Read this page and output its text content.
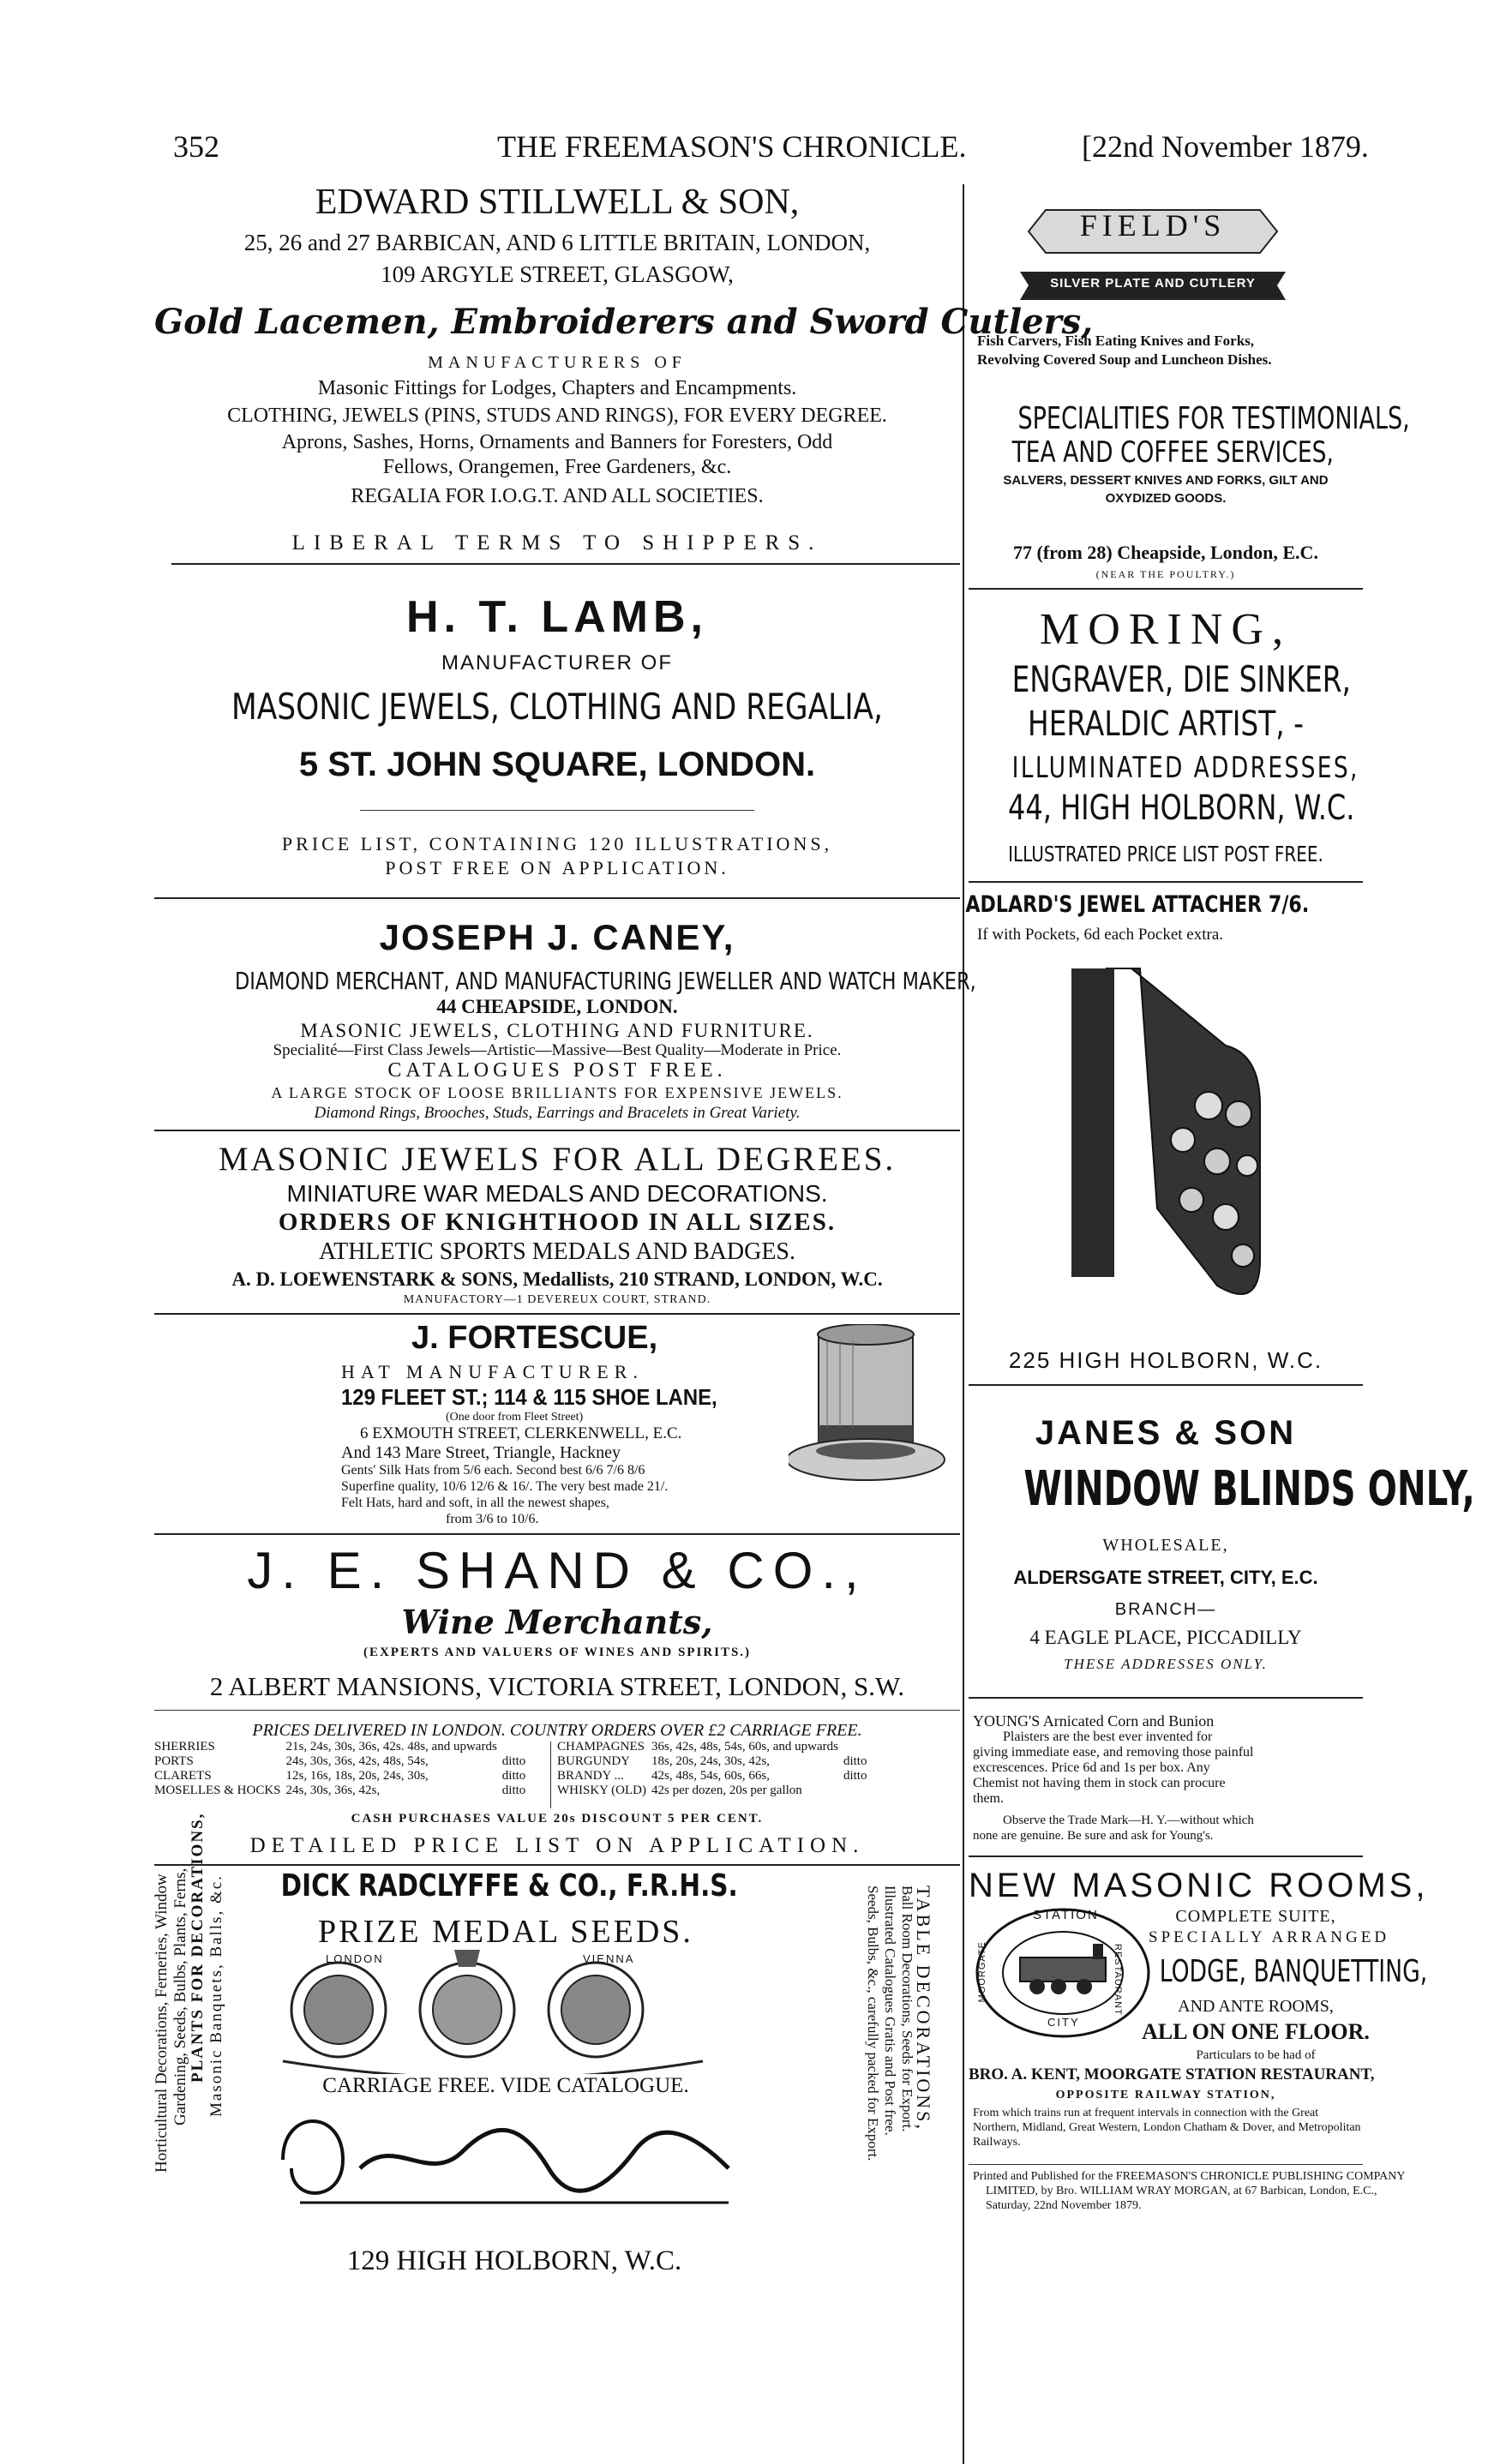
352	THE FREEMASON'S CHRONICLE.	[22nd November 1879.
EDWARD STILLWELL & SON,
25, 26 and 27 BARBICAN, AND 6 LITTLE BRITAIN, LONDON,
109 ARGYLE STREET, GLASGOW,
Gold Lacemen, Embroiderers and Sword Cutlers,
MANUFACTURERS OF
Masonic Fittings for Lodges, Chapters and Encampments.
CLOTHING, JEWELS (PINS, STUDS AND RINGS), FOR EVERY DEGREE.
Aprons, Sashes, Horns, Ornaments and Banners for Foresters, Odd
Fellows, Orangemen, Free Gardeners, &c.
REGALIA FOR I.O.G.T. AND ALL SOCIETIES.
LIBERAL TERMS TO SHIPPERS.
H. T. LAMB,
MANUFACTURER OF
MASONIC JEWELS, CLOTHING AND REGALIA,
5 ST. JOHN SQUARE, LONDON.
PRICE LIST, CONTAINING 120 ILLUSTRATIONS,
POST FREE ON APPLICATION.
JOSEPH J. CANEY,
DIAMOND MERCHANT, AND MANUFACTURING JEWELLER AND WATCH MAKER,
44 CHEAPSIDE, LONDON.
MASONIC JEWELS, CLOTHING AND FURNITURE.
Specialité—First Class Jewels—Artistic—Massive—Best Quality—Moderate in Price.
CATALOGUES POST FREE.
A LARGE STOCK OF LOOSE BRILLIANTS FOR EXPENSIVE JEWELS.
Diamond Rings, Brooches, Studs, Earrings and Bracelets in Great Variety.
MASONIC JEWELS FOR ALL DEGREES.
MINIATURE WAR MEDALS AND DECORATIONS.
ORDERS OF KNIGHTHOOD IN ALL SIZES.
ATHLETIC SPORTS MEDALS AND BADGES.
A. D. LOEWENSTARK & SONS, Medallists, 210 STRAND, LONDON, W.C.
MANUFACTORY—1 DEVEREUX COURT, STRAND.
J. FORTESCUE,
HAT MANUFACTURER.
129 FLEET ST.; 114 & 115 SHOE LANE,
(One door from Fleet Street)
6 EXMOUTH STREET, CLERKENWELL, E.C.
And 143 Mare Street, Triangle, Hackney
Gents' Silk Hats from 5/6 each. Second best 6/6 7/6 8/6
Superfine quality, 10/6 12/6 & 16/. The very best made 21/.
Felt Hats, hard and soft, in all the newest shapes,
from 3/6 to 10/6.
J. E. SHAND & CO.,
Wine Merchants,
(EXPERTS AND VALUERS OF WINES AND SPIRITS.)
2 ALBERT MANSIONS, VICTORIA STREET, LONDON, S.W.
PRICES DELIVERED IN LONDON. COUNTRY ORDERS OVER £2 CARRIAGE FREE.
SHERRIES	21s, 24s, 30s, 36s, 42s. 48s, and upwards	
PORTS	24s, 30s, 36s, 42s, 48s, 54s,	ditto
CLARETS	12s, 16s, 18s, 20s, 24s, 30s,	ditto
MOSELLES & HOCKS	24s, 30s, 36s, 42s,	ditto
CHAMPAGNES	36s, 42s, 48s, 54s, 60s, and upwards	
BURGUNDY	18s, 20s, 24s, 30s, 42s,	ditto
BRANDY ...	42s, 48s, 54s, 60s, 66s,	ditto
WHISKY (OLD)	42s per dozen, 20s per gallon	
CASH PURCHASES VALUE 20s DISCOUNT 5 PER CENT.
DETAILED PRICE LIST ON APPLICATION.
Horticultural Decorations, Ferneries, Window Gardening, Seeds, Bulbs, Plants, Ferns, PLANTS FOR DECORATIONS, Masonic Banquets, Balls, &c. DICK RADCLYFFE & CO., F.R.H.S.
PRIZE MEDAL SEEDS.
LONDON	VIENNA
CARRIAGE FREE. VIDE CATALOGUE.
129 HIGH HOLBORN, W.C.
TABLE DECORATIONS,
Ball Room Decorations, Seeds for Export.
Illustrated Catalogues Gratis and Post free.
Seeds, Bulbs, &c., carefully packed for Export.
FIELD'S
SILVER PLATE AND CUTLERY
Fish Carvers, Fish Eating Knives and Forks,
Revolving Covered Soup and Luncheon Dishes.
SPECIALITIES FOR TESTIMONIALS,
TEA AND COFFEE SERVICES,
SALVERS, DESSERT KNIVES AND FORKS, GILT AND
OXYDIZED GOODS.
77 (from 28) Cheapside, London, E.C.
(NEAR THE POULTRY.)
MORING,
ENGRAVER, DIE SINKER,
HERALDIC ARTIST, -
ILLUMINATED ADDRESSES,
44, HIGH HOLBORN, W.C.
ILLUSTRATED PRICE LIST POST FREE.
ADLARD'S JEWEL ATTACHER 7/6.
If with Pockets, 6d each Pocket extra.
225 HIGH HOLBORN, W.C.
JANES & SON
WINDOW BLINDS ONLY,
WHOLESALE,
ALDERSGATE STREET, CITY, E.C.
BRANCH—
4 EAGLE PLACE, PICCADILLY
THESE ADDRESSES ONLY.
YOUNG'S Arnicated Corn and Bunion
Plaisters are the best ever invented for
giving immediate ease, and removing those painful
excrescences. Price 6d and 1s per box. Any
Chemist not having them in stock can procure
them.
Observe the Trade Mark—H. Y.—without which
none are genuine. Be sure and ask for Young's.
NEW MASONIC ROOMS,
STATION
RESTAURANT
MOORGATE
CITY
COMPLETE SUITE,
SPECIALLY ARRANGED
LODGE, BANQUETTING,
AND ANTE ROOMS,
ALL ON ONE FLOOR.
Particulars to be had of
BRO. A. KENT, MOORGATE STATION RESTAURANT,
OPPOSITE RAILWAY STATION,
From which trains run at frequent intervals in connection with the Great
Northern, Midland, Great Western, London Chatham & Dover, and Metropolitan
Railways.
Printed and Published for the FREEMASON'S CHRONICLE PUBLISHING COMPANY
LIMITED, by Bro. WILLIAM WRAY MORGAN, at 67 Barbican, London, E.C.,
Saturday, 22nd November 1879.
